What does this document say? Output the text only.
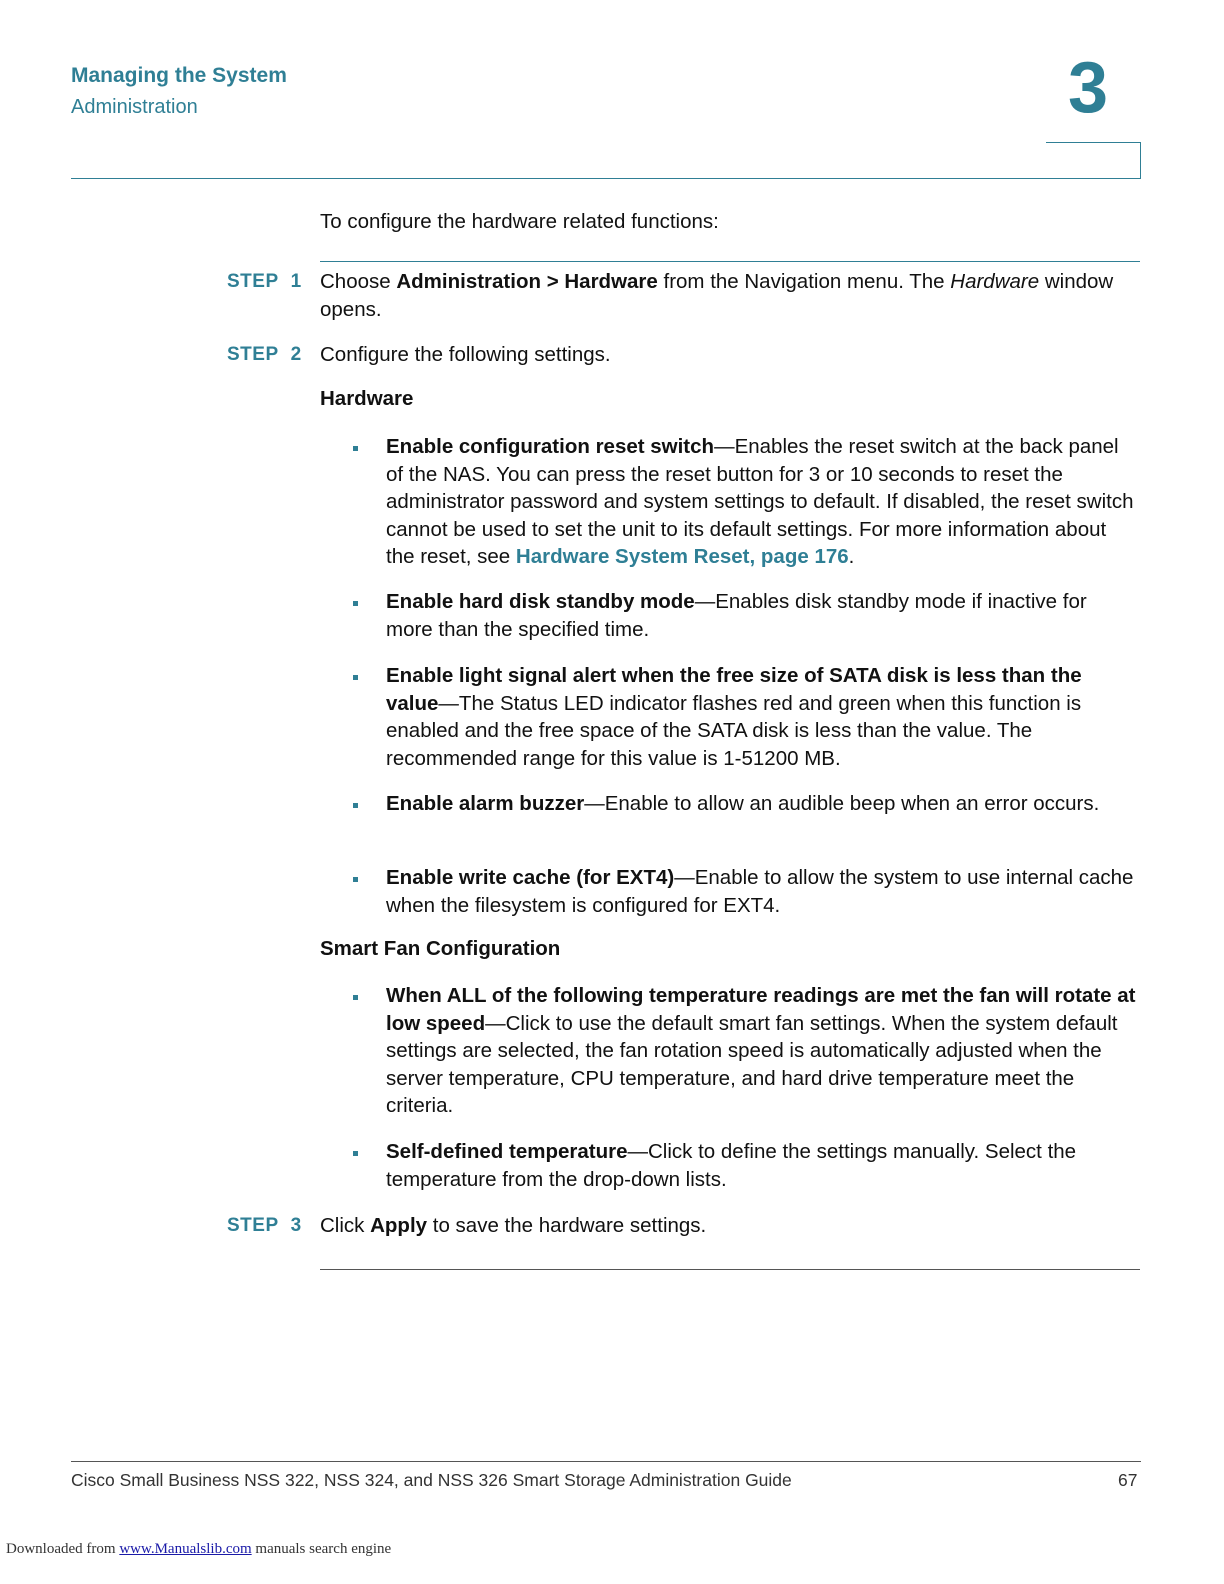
Managing the System
Administration	3
To configure the hardware related functions:
STEP 1 Choose Administration > Hardware from the Navigation menu. The Hardware window opens.
STEP 2 Configure the following settings.
Hardware
Enable configuration reset switch—Enables the reset switch at the back panel of the NAS. You can press the reset button for 3 or 10 seconds to reset the administrator password and system settings to default. If disabled, the reset switch cannot be used to set the unit to its default settings. For more information about the reset, see Hardware System Reset, page 176.
Enable hard disk standby mode—Enables disk standby mode if inactive for more than the specified time.
Enable light signal alert when the free size of SATA disk is less than the value—The Status LED indicator flashes red and green when this function is enabled and the free space of the SATA disk is less than the value. The recommended range for this value is 1-51200 MB.
Enable alarm buzzer—Enable to allow an audible beep when an error occurs.
Enable write cache (for EXT4)—Enable to allow the system to use internal cache when the filesystem is configured for EXT4.
Smart Fan Configuration
When ALL of the following temperature readings are met the fan will rotate at low speed—Click to use the default smart fan settings. When the system default settings are selected, the fan rotation speed is automatically adjusted when the server temperature, CPU temperature, and hard drive temperature meet the criteria.
Self-defined temperature—Click to define the settings manually. Select the temperature from the drop-down lists.
STEP 3 Click Apply to save the hardware settings.
Cisco Small Business NSS 322, NSS 324, and NSS 326 Smart Storage Administration Guide	67
Downloaded from www.Manualslib.com manuals search engine
